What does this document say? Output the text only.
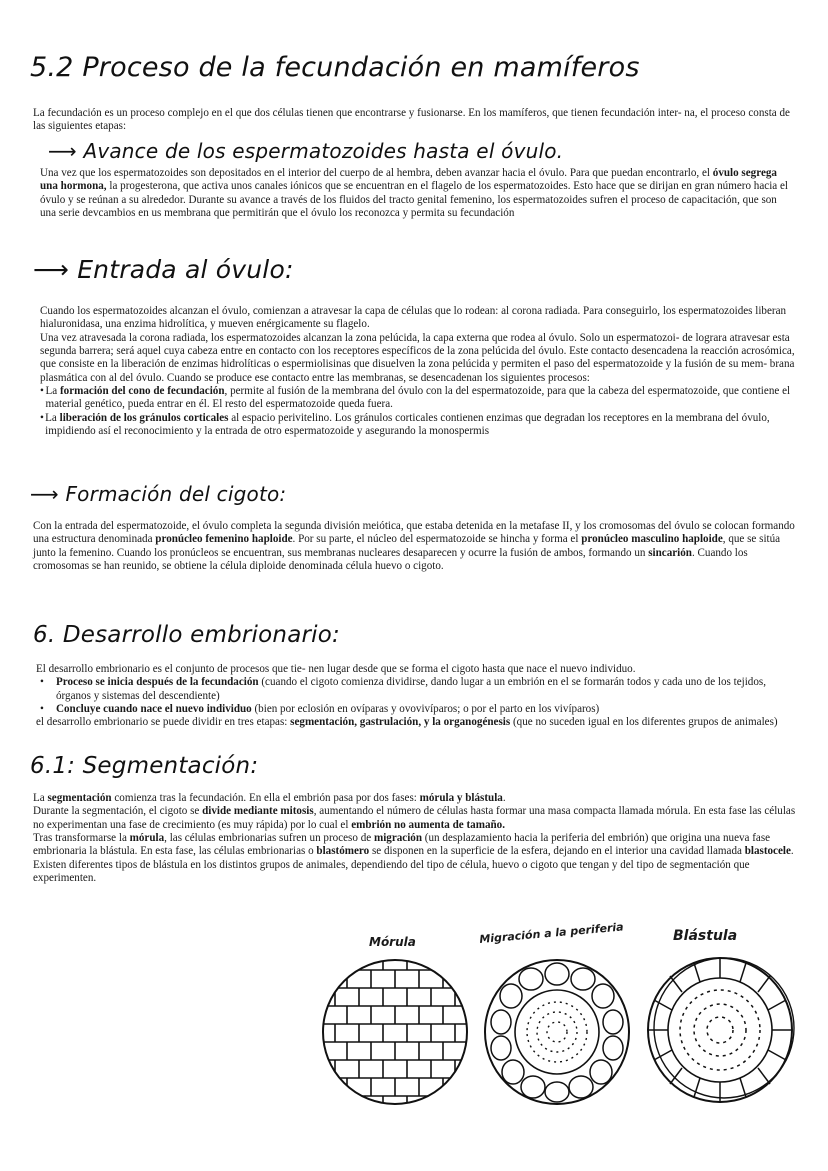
5.2 Proceso de la fecundación en mamíferos

La fecundación es un proceso complejo en el que dos células tienen que encontrarse y fusionarse. En los mamíferos, que tienen fecundación inter- na, el proceso consta de las siguientes etapas:

⟶ Avance de los espermatozoides hasta el óvulo.

Una vez que los espermatozoides son depositados en el interior del cuerpo de al hembra, deben avanzar hacia el óvulo. Para que puedan encontrarlo, el óvulo segrega una hormona, la progesterona, que activa unos canales iónicos que se encuentran en el flagelo de los espermatozoides. Esto hace que se dirijan en gran número hacia el óvulo y se reúnan a su alrededor. Durante su avance a través de los fluidos del tracto genital femenino, los espermatozoides sufren el proceso de capacitación, que son una serie devcambios en us membrana que permitirán que el óvulo los reconozca y permita su fecundación

⟶ Entrada al óvulo:

Cuando los espermatozoides alcanzan el óvulo, comienzan a atravesar la capa de células que lo rodean: al corona radiada. Para conseguirlo, los espermatozoides liberan hialuronidasa, una enzima hidrolítica, y mueven enérgicamente su flagelo.

Una vez atravesada la corona radiada, los espermatozoides alcanzan la zona pelúcida, la capa externa que rodea al óvulo. Solo un espermatozoi- de lograra atravesar esta segunda barrera; será aquel cuya cabeza entre en contacto con los receptores específicos de la zona pelúcida del óvulo. Este contacto desencadena la reacción acrosómica, que consiste en la liberación de enzimas hidrolíticas o espermiolisinas que disuelven la zona pelúcida y permiten el paso del espermatozoide y la fusión de su mem- brana plasmática con al del óvulo. Cuando se produce ese contacto entre las membranas, se desencadenan los siguientes procesos:

• La formación del cono de fecundación, permite al fusión de la membrana del óvulo con la del espermatozoide, para que la cabeza del espermatozoide, que contiene el material genético, pueda entrar en él. El resto del espermatozoide queda fuera.
• La liberación de los gránulos corticales al espacio perivitelino. Los gránulos corticales contienen enzimas que degradan los receptores en la membrana del óvulo, impidiendo así el reconocimiento y la entrada de otro espermatozoide y asegurando la monospermis
⟶ Formación del cigoto:

Con la entrada del espermatozoide, el óvulo completa la segunda división meiótica, que estaba detenida en la metafase II, y los cromosomas del óvulo se colocan formando una estructura denominada pronúcleo femenino haploide. Por su parte, el núcleo del espermatozoide se hincha y forma el pronúcleo masculino haploide, que se sitúa junto la femenino. Cuando los pronúcleos se encuentran, sus membranas nucleares desaparecen y ocurre la fusión de ambos, formando un sincarión. Cuando los cromosomas se han reunido, se obtiene la célula diploide denominada célula huevo o cigoto.

6. Desarrollo embrionario:

El desarrollo embrionario es el conjunto de procesos que tie- nen lugar desde que se forma el cigoto hasta que nace el nuevo individuo.

•	Proceso se inicia después de la fecundación (cuando el cigoto comienza dividirse, dando lugar a un embrión en el se formarán todos y cada uno de los tejidos, órganos y sistemas del descendiente)
•	Concluye cuando nace el nuevo individuo (bien por eclosión en ovíparas y ovovivíparos; o por el parto en los vivíparos)

el desarrollo embrionario se puede dividir en tres etapas: segmentación, gastrulación, y la organogénesis (que no suceden igual en los diferentes grupos de animales)

6.1: Segmentación:

La segmentación comienza tras la fecundación. En ella el embrión pasa por dos fases: mórula y blástula.

Durante la segmentación, el cigoto se divide mediante mitosis, aumentando el número de células hasta formar una masa compacta llamada mórula. En esta fase las células no experimentan una fase de crecimiento (es muy rápida) por lo cual el embrión no aumenta de tamaño.

Tras transformarse la mórula, las células embrionarias sufren un proceso de migración (un desplazamiento hacia la periferia del embrión) que origina una nueva fase embrionaria la blástula. En esta fase, las células embrionarias o blastómero se disponen en la superficie de la esfera, dejando en el interior una cavidad llamada blastocele. Existen diferentes tipos de blástula en los distintos grupos de animales, dependiendo del tipo de célula, huevo o cigoto que tengan y del tipo de segmentación que experimenten.

Mórula	Migración a la periferia	Blástula
